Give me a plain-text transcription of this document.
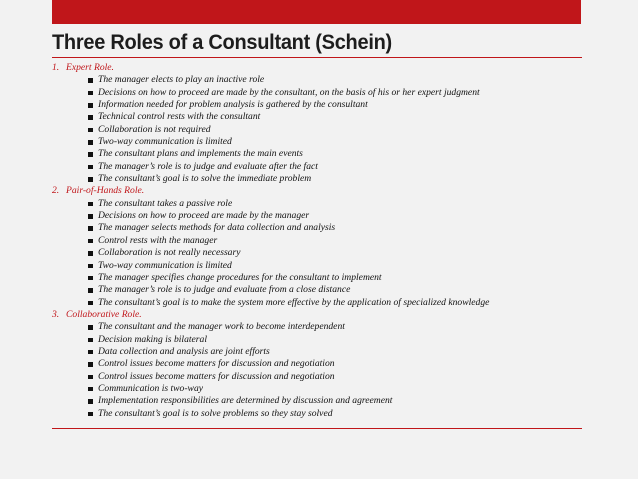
Three Roles of a Consultant (Schein)
1. Expert Role.
The manager elects to play an inactive role
Decisions on how to proceed are made by the consultant, on the basis of his or her expert judgment
Information needed for problem analysis is gathered by the consultant
Technical control rests with the consultant
Collaboration is not required
Two-way communication is limited
The consultant plans and implements the main events
The manager’s role is to judge and evaluate after the fact
The consultant’s goal is to solve the immediate problem
2. Pair-of-Hands Role.
The consultant takes a passive role
Decisions on how to proceed are made by the manager
The manager selects methods for data collection and analysis
Control rests with the manager
Collaboration is not really necessary
Two-way communication is limited
The manager specifies change procedures for the consultant to implement
The manager’s role is to judge and evaluate from a close distance
The consultant’s goal is to make the system more effective by the application of specialized knowledge
3. Collaborative Role.
The consultant and the manager work to become interdependent
Decision making is bilateral
Data collection and analysis are joint efforts
Control issues become matters for discussion and negotiation
Control issues become matters for discussion and negotiation
Communication is two-way
Implementation responsibilities are determined by discussion and agreement
The consultant’s goal is to solve problems so they stay solved
